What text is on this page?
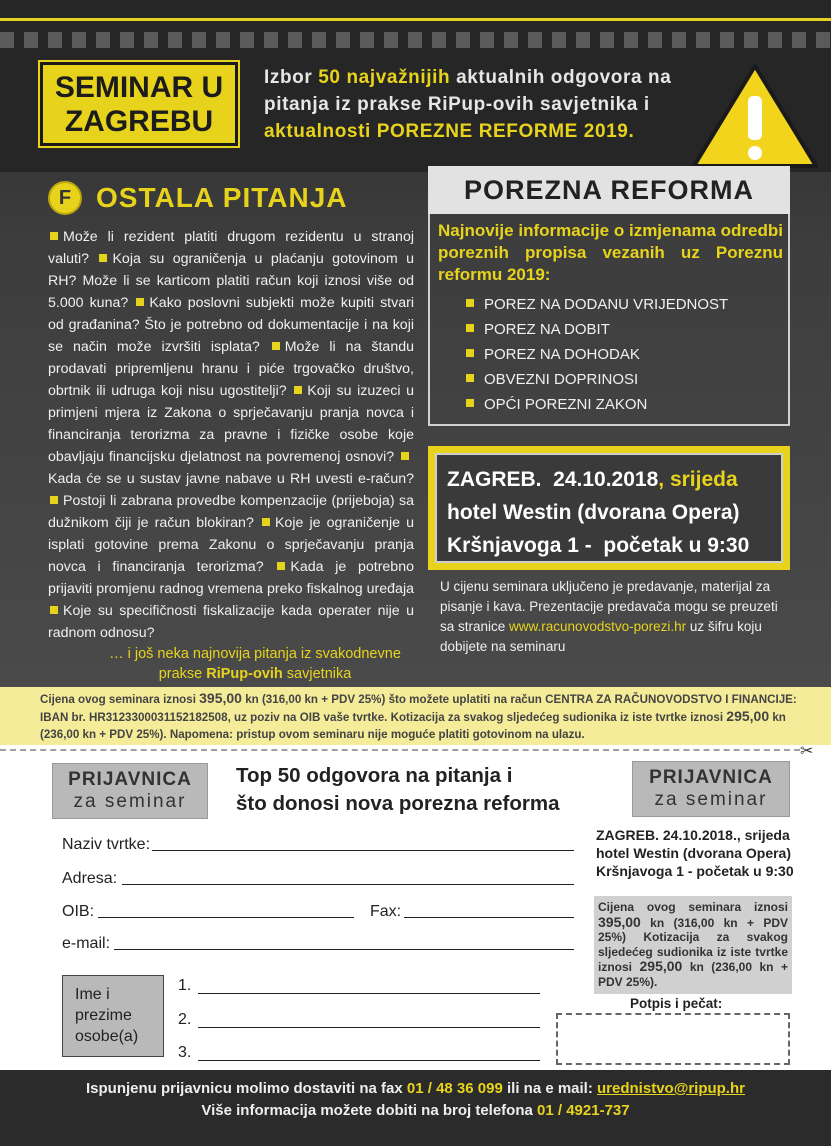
SEMINAR U
ZAGREBU
Izbor 50 najvažnijih aktualnih odgovora na pitanja iz prakse RiPup-ovih savjetnika i aktualnosti POREZNE REFORME 2019.
F OSTALA PITANJA
Može li rezident platiti drugom rezidentu u stranoj valuti? Koja su ograničenja u plaćanju gotovinom u RH? Može li se karticom platiti račun koji iznosi više od 5.000 kuna? Kako poslovni subjekti može kupiti stvari od građanina? Što je potrebno od dokumentacije i na koji se način može izvršiti isplata? Može li na štandu prodavati pripremljenu hranu i piće trgovačko društvo, obrtnik ili udruga koji nisu ugostitelji? Koji su izuzeci u primjeni mjera iz Zakona o sprječavanju pranja novca i financiranja terorizma za pravne i fizičke osobe koje obavljaju financijsku djelatnost na povremenoj osnovi? Kada će se u sustav javne nabave u RH uvesti e-račun? Postoji li zabrana provedbe kompenzacije (prijeboja) sa dužnikom čiji je račun blokiran? Koje je ograničenje u isplati gotovine prema Zakonu o sprječavanju pranja novca i financiranja terorizma? Kada je potrebno prijaviti promjenu radnog vremena preko fiskalnog uređaja Koje su specifičnosti fiskalizacije kada operater nije u radnom odnosu?
… i još neka najnovija pitanja iz svakodnevne prakse RiPup-ovih savjetnika
POREZNA REFORMA
Najnovije informacije o izmjenama odredbi poreznih propisa vezanih uz Poreznu reformu 2019:
POREZ NA DODANU VRIJEDNOST
POREZ NA DOBIT
POREZ NA DOHODAK
OBVEZNI DOPRINOSI
OPĆI POREZNI ZAKON
ZAGREB. 24.10.2018, srijeda
hotel Westin (dvorana Opera)
Kršnjavoga 1 - početak u 9:30
U cijenu seminara uključeno je predavanje, materijal za pisanje i kava. Prezentacije predavača mogu se preuzeti sa stranice www.racunovodstvo-porezi.hr uz šifru koju dobijete na seminaru
Cijena ovog seminara iznosi 395,00 kn (316,00 kn + PDV 25%) što možete uplatiti na račun CENTRA ZA RAČUNOVODSTVO I FINANCIJE: IBAN br. HR3123300031152182508, uz poziv na OIB vaše tvrtke. Kotizacija za svakog sljedećeg sudionika iz iste tvrtke iznosi 295,00 kn (236,00 kn + PDV 25%). Napomena: pristup ovom seminaru nije moguće platiti gotovinom na ulazu.
✂
PRIJAVNICA
za seminar
PRIJAVNICA
za seminar
Top 50 odgovora na pitanja i
što donosi nova porezna reforma
Naziv tvrtke:
Adresa:
OIB:	Fax:
e-mail:
Ime i prezime osobe(a)
1.
2.
3.
ZAGREB. 24.10.2018., srijeda
hotel Westin (dvorana Opera)
Kršnjavoga 1 - početak u 9:30
Cijena ovog seminara iznosi 395,00 kn (316,00 kn + PDV 25%) Kotizacija za svakog sljedećeg sudionika iz iste tvrtke iznosi 295,00 kn (236,00 kn + PDV 25%).
Potpis i pečat:
Ispunjenu prijavnicu molimo dostaviti na fax 01 / 48 36 099 ili na e mail: urednistvo@ripup.hr
Više informacija možete dobiti na broj telefona 01 / 4921-737
